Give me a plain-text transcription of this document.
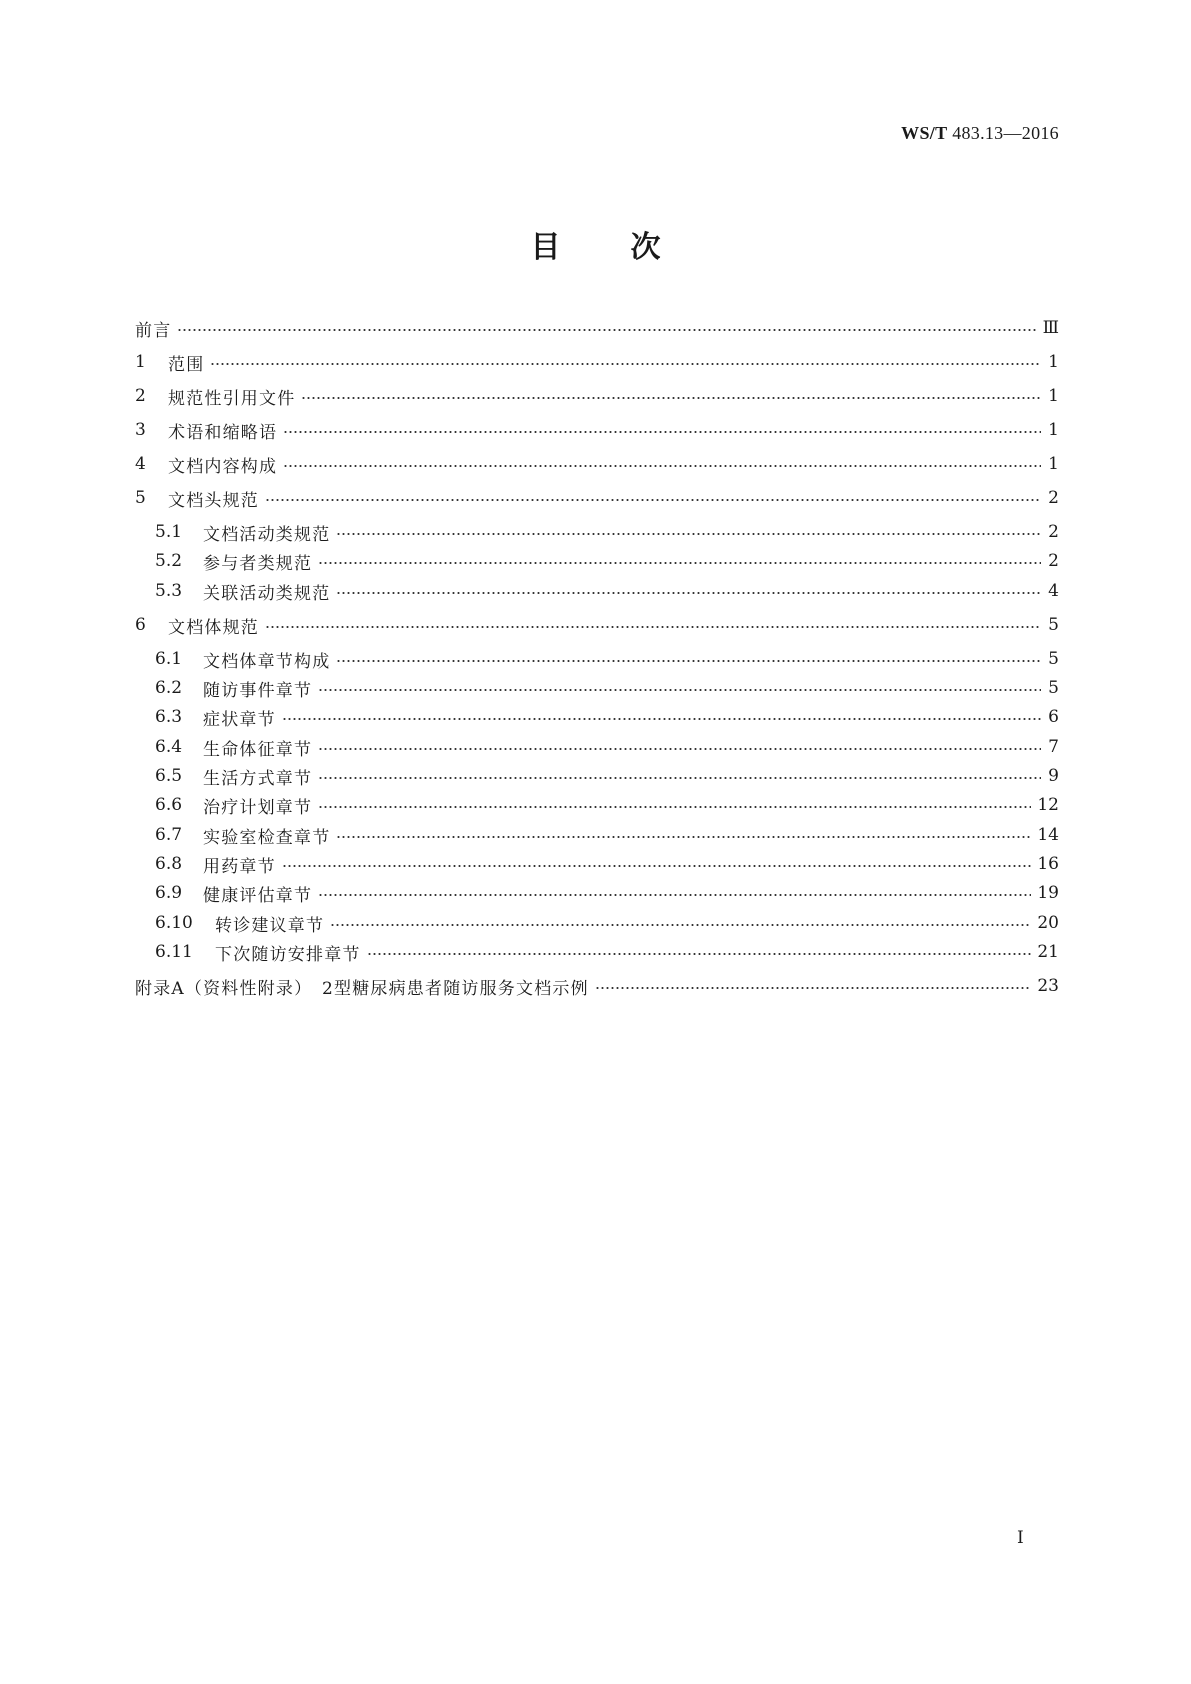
WS/T 483.13—2016
目 次
前言	Ⅲ
1	范围	1
2	规范性引用文件	1
3	术语和缩略语	1
4	文档内容构成	1
5	文档头规范	2
5.1	文档活动类规范	2
5.2	参与者类规范	2
5.3	关联活动类规范	4
6	文档体规范	5
6.1	文档体章节构成	5
6.2	随访事件章节	5
6.3	症状章节	6
6.4	生命体征章节	7
6.5	生活方式章节	9
6.6	治疗计划章节	12
6.7	实验室检查章节	14
6.8	用药章节	16
6.9	健康评估章节	19
6.10	转诊建议章节	20
6.11	下次随访安排章节	21
附录A（资料性附录）　2型糖尿病患者随访服务文档示例	23
Ⅰ
